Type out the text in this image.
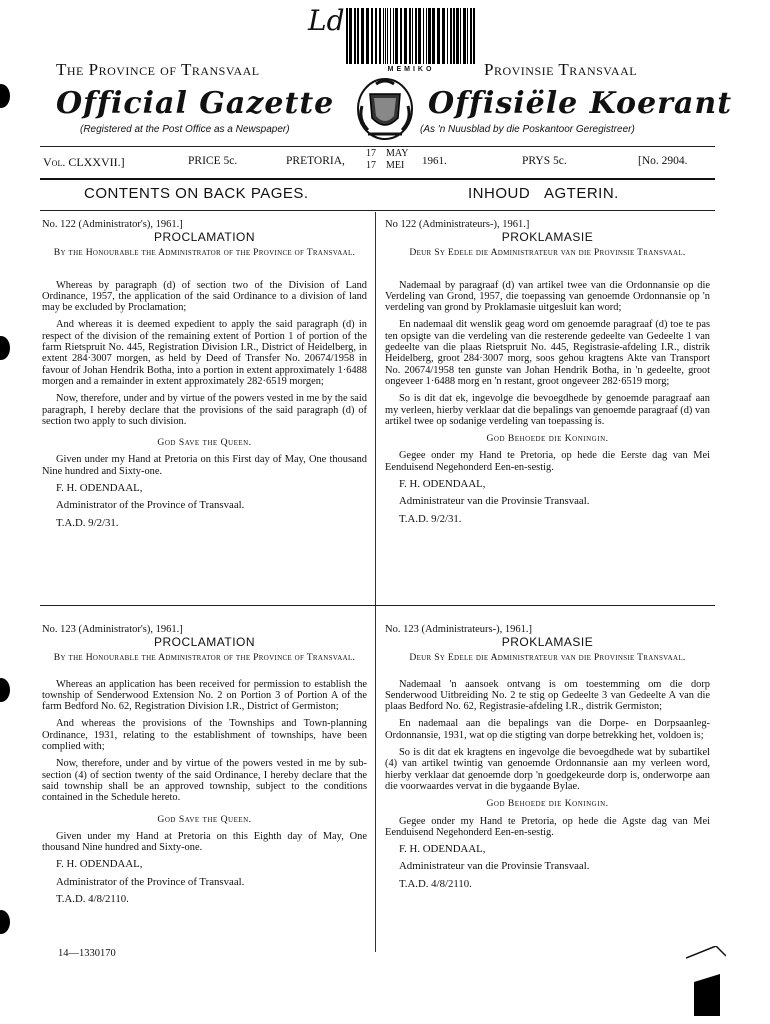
Ld
MEMIKO
The Province of Transvaal	Provinsie Transvaal
Official Gazette	Offisiële Koerant
(Registered at the Post Office as a Newspaper)	(As 'n Nuusblad by die Poskantoor Geregistreer)
Vol. CLXXVII.]	PRICE 5c.	PRETORIA,
17 MAY
17 MEI 1961.	PRYS 5c.	[No. 2904.
CONTENTS ON BACK PAGES.	INHOUD AGTERIN.
No. 122 (Administrator's), 1961.]
PROCLAMATION
By the Honourable the Administrator of the Province of Transvaal.

Whereas by paragraph (d) of section two of the Division of Land Ordinance, 1957, the application of the said Ordinance to a division of land may be excluded by Proclamation;

And whereas it is deemed expedient to apply the said paragraph (d) in respect of the division of the remaining extent of Portion 1 of portion of the farm Rietspruit No. 445, Registration Division I.R., District of Heidelberg, in extent 284·3007 morgen, as held by Deed of Transfer No. 20674/1958 in favour of Johan Hendrik Botha, into a portion in extent approximately 1·6488 morgen and a remainder in extent approximately 282·6519 morgen;

Now, therefore, under and by virtue of the powers vested in me by the said paragraph, I hereby declare that the provisions of the said paragraph (d) of section two apply to such division.

God Save the Queen.

Given under my Hand at Pretoria on this First day of May, One thousand Nine hundred and Sixty-one.

F. H. ODENDAAL,

Administrator of the Province of Transvaal.

T.A.D. 9/2/31.

No 122 (Administrateurs-), 1961.]
PROKLAMASIE
Deur Sy Edele die Administrateur van die Provinsie Transvaal.

Nademaal by paragraaf (d) van artikel twee van die Ordonnansie op die Verdeling van Grond, 1957, die toepassing van genoemde Ordonnansie op 'n verdeling van grond by Proklamasie uitgesluit kan word;

En nademaal dit wenslik geag word om genoemde paragraaf (d) toe te pas ten opsigte van die verdeling van die resterende gedeelte van Gedeelte 1 van gedeelte van die plaas Rietspruit No. 445, Registrasie-afdeling I.R., distrik Heidelberg, groot 284·3007 morg, soos gehou kragtens Akte van Transport No. 20674/1958 ten gunste van Johan Hendrik Botha, in 'n gedeelte, groot ongeveer 1·6488 morg en 'n restant, groot ongeveer 282·6519 morg;

So is dit dat ek, ingevolge die bevoegdhede by genoemde paragraaf aan my verleen, hierby verklaar dat die bepalings van genoemde paragraaf (d) van artikel twee op sodanige verdeling van toepassing is.

God Behoede die Koningin.

Gegee onder my Hand te Pretoria, op hede die Eerste dag van Mei Eenduisend Negehonderd Een-en-sestig.

F. H. ODENDAAL,

Administrateur van die Provinsie Transvaal.

T.A.D. 9/2/31.

No. 123 (Administrator's), 1961.]
PROCLAMATION
By the Honourable the Administrator of the Province of Transvaal.

Whereas an application has been received for permission to establish the township of Senderwood Extension No. 2 on Portion 3 of Portion A of the farm Bedford No. 62, Registration Division I.R., District of Germiston;

And whereas the provisions of the Townships and Town-planning Ordinance, 1931, relating to the establishment of townships, have been complied with;

Now, therefore, under and by virtue of the powers vested in me by sub-section (4) of section twenty of the said Ordinance, I hereby declare that the said township shall be an approved township, subject to the conditions contained in the Schedule hereto.

God Save the Queen.

Given under my Hand at Pretoria on this Eighth day of May, One thousand Nine hundred and Sixty-one.

F. H. ODENDAAL,

Administrator of the Province of Transvaal.

T.A.D. 4/8/2110.

No. 123 (Administrateurs-), 1961.]
PROKLAMASIE
Deur Sy Edele die Administrateur van die Provinsie Transvaal.

Nademaal 'n aansoek ontvang is om toestemming om die dorp Senderwood Uitbreiding No. 2 te stig op Gedeelte 3 van Gedeelte A van die plaas Bedford No. 62, Registrasie-afdeling I.R., distrik Germiston;

En nademaal aan die bepalings van die Dorpe- en Dorpsaanleg-Ordonnansie, 1931, wat op die stigting van dorpe betrekking het, voldoen is;

So is dit dat ek kragtens en ingevolge die bevoegdhede wat by subartikel (4) van artikel twintig van genoemde Ordonnansie aan my verleen word, hierby verklaar dat genoemde dorp 'n goedgekeurde dorp is, onderworpe aan die voorwaardes vervat in die bygaande Bylae.

God Behoede die Koningin.

Gegee onder my Hand te Pretoria, op hede die Agste dag van Mei Eenduisend Negehonderd Een-en-sestig.

F. H. ODENDAAL,

Administrateur van die Provinsie Transvaal.

T.A.D. 4/8/2110.

14—1330170
